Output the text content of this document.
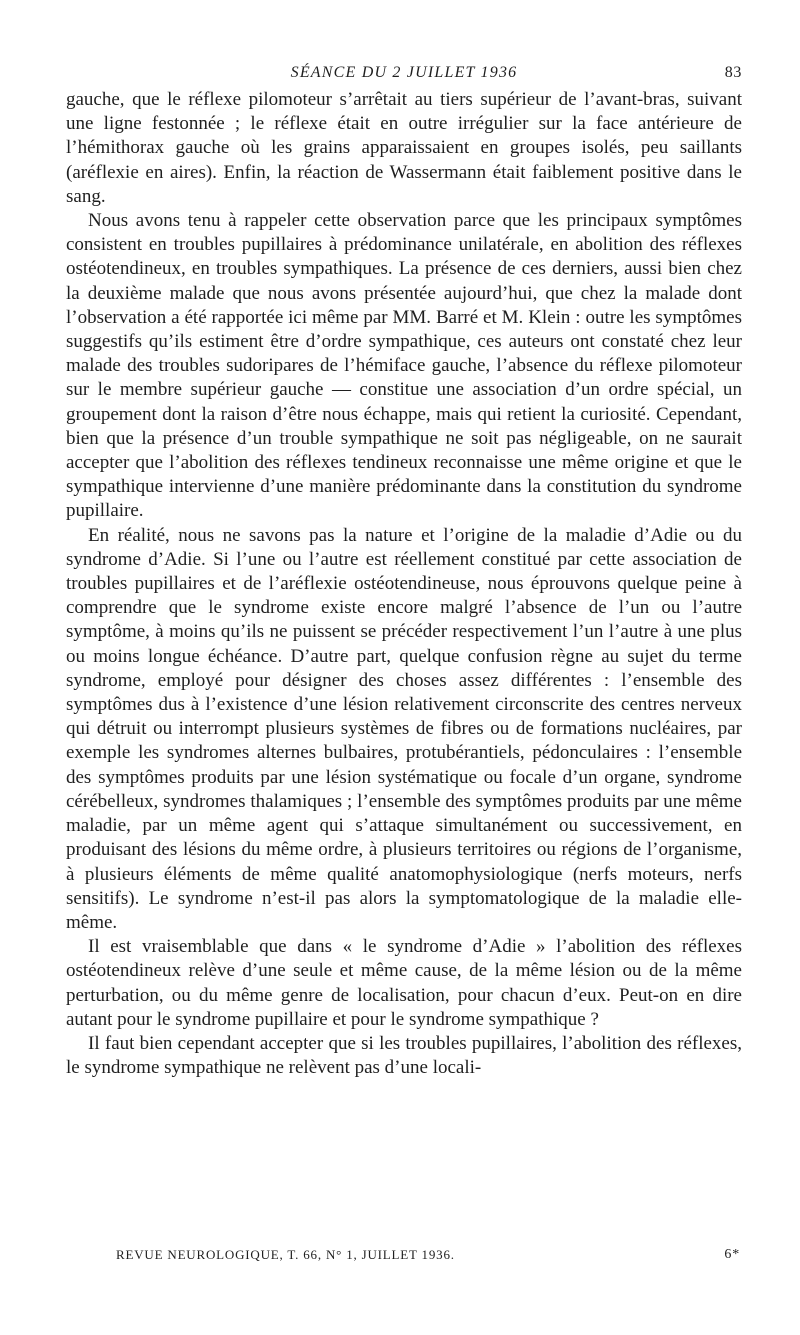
SÉANCE DU 2 JUILLET 1936	83

gauche, que le réflexe pilomoteur s’arrêtait au tiers supérieur de l’avant-bras, suivant une ligne festonnée ; le réflexe était en outre irrégulier sur la face antérieure de l’hémithorax gauche où les grains apparaissaient en groupes isolés, peu saillants (aréflexie en aires). Enfin, la réaction de Wassermann était faiblement positive dans le sang.

Nous avons tenu à rappeler cette observation parce que les principaux symptômes consistent en troubles pupillaires à prédominance unilatérale, en abolition des réflexes ostéotendineux, en troubles sympathiques. La présence de ces derniers, aussi bien chez la deuxième malade que nous avons présentée aujourd’hui, que chez la malade dont l’observation a été rapportée ici même par MM. Barré et M. Klein : outre les symptômes suggestifs qu’ils estiment être d’ordre sympathique, ces auteurs ont constaté chez leur malade des troubles sudoripares de l’hémiface gauche, l’absence du réflexe pilomoteur sur le membre supérieur gauche — constitue une association d’un ordre spécial, un groupement dont la raison d’être nous échappe, mais qui retient la curiosité. Cependant, bien que la présence d’un trouble sympathique ne soit pas négligeable, on ne saurait accepter que l’abolition des réflexes tendineux reconnaisse une même origine et que le sympathique intervienne d’une manière prédominante dans la constitution du syndrome pupillaire.

En réalité, nous ne savons pas la nature et l’origine de la maladie d’Adie ou du syndrome d’Adie. Si l’une ou l’autre est réellement constitué par cette association de troubles pupillaires et de l’aréflexie ostéotendineuse, nous éprouvons quelque peine à comprendre que le syndrome existe encore malgré l’absence de l’un ou l’autre symptôme, à moins qu’ils ne puissent se précéder respectivement l’un l’autre à une plus ou moins longue échéance. D’autre part, quelque confusion règne au sujet du terme syndrome, employé pour désigner des choses assez différentes : l’ensemble des symptômes dus à l’existence d’une lésion relativement circonscrite des centres nerveux qui détruit ou interrompt plusieurs systèmes de fibres ou de formations nucléaires, par exemple les syndromes alternes bulbaires, protubérantiels, pédonculaires : l’ensemble des symptômes produits par une lésion systématique ou focale d’un organe, syndrome cérébelleux, syndromes thalamiques ; l’ensemble des symptômes produits par une même maladie, par un même agent qui s’attaque simultanément ou successivement, en produisant des lésions du même ordre, à plusieurs territoires ou régions de l’organisme, à plusieurs éléments de même qualité anatomophysiologique (nerfs moteurs, nerfs sensitifs). Le syndrome n’est-il pas alors la symptomatologique de la maladie elle-même.

Il est vraisemblable que dans « le syndrome d’Adie » l’abolition des réflexes ostéotendineux relève d’une seule et même cause, de la même lésion ou de la même perturbation, ou du même genre de localisation, pour chacun d’eux. Peut-on en dire autant pour le syndrome pupillaire et pour le syndrome sympathique ?

Il faut bien cependant accepter que si les troubles pupillaires, l’abolition des réflexes, le syndrome sympathique ne relèvent pas d’une locali-

REVUE NEUROLOGIQUE, T. 66, N° 1, JUILLET 1936.	6*
